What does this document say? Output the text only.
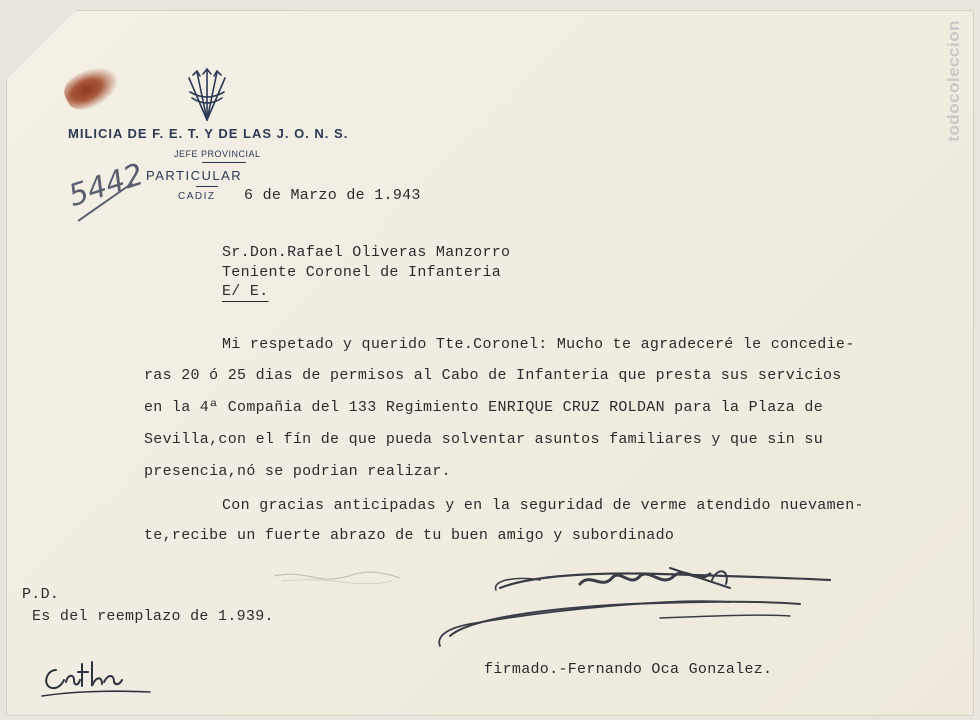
MILICIA DE F. E. T. Y DE LAS J. O. N. S.

JEFE PROVINCIAL

PARTICULAR

5442	CADIZ 6 de Marzo de 1.943

Sr.Don.Rafael Oliveras Manzorro

Teniente Coronel de Infanteria

E/ E.

Mi respetado y querido Tte.Coronel: Mucho te agradeceré le concedie-

ras 20 ó 25 dias de permisos al Cabo de Infanteria que presta sus servicios

en la 4ª Compañia del 133 Regimiento ENRIQUE CRUZ ROLDAN para la Plaza de

Sevilla,con el fín de que pueda solventar asuntos familiares y que sin su

presencia,nó se podrian realizar.

Con gracias anticipadas y en la seguridad de verme atendido nuevamen-

te,recibe un fuerte abrazo de tu buen amigo y subordinado

P.D.

Es del reemplazo de 1.939.

firmado.-Fernando Oca Gonzalez.

todocoleccion
